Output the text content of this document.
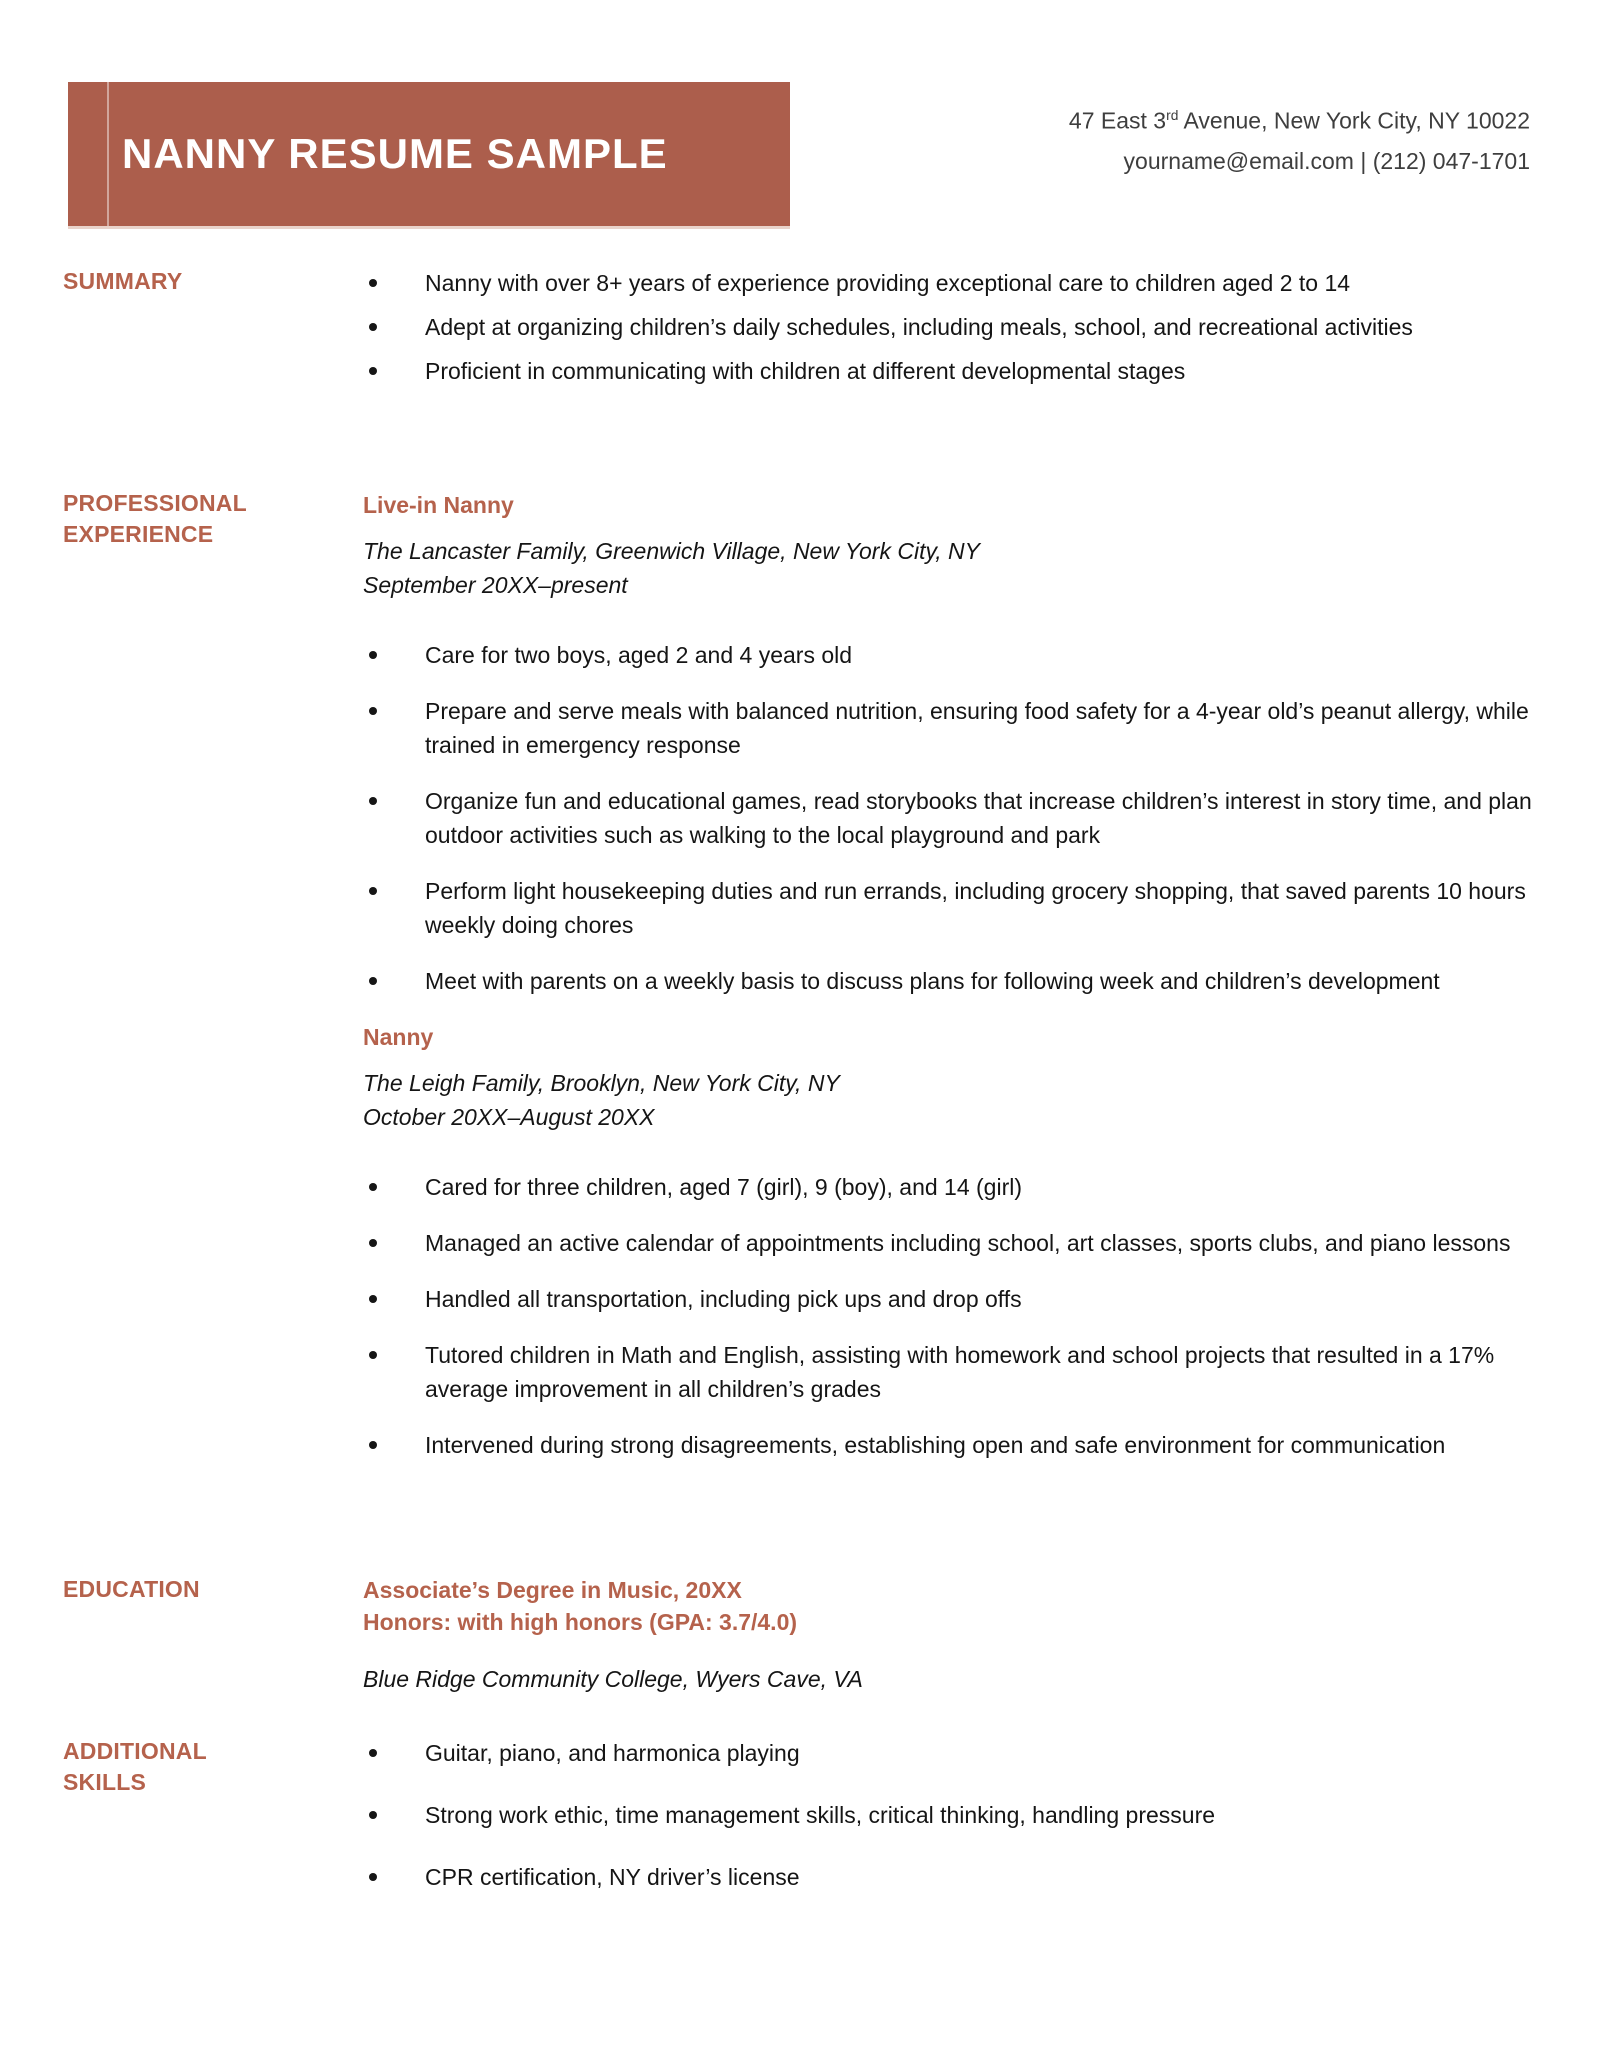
NANNY RESUME SAMPLE
47 East 3rd Avenue, New York City, NY 10022
yourname@email.com | (212) 047-1701
SUMMARY	Nanny with over 8+ years of experience providing exceptional care to children aged 2 to 14
Adept at organizing children’s daily schedules, including meals, school, and recreational activities
Proficient in communicating with children at different developmental stages
PROFESSIONAL EXPERIENCE
Live-in Nanny
The Lancaster Family, Greenwich Village, New York City, NY
September 20XX–present
Care for two boys, aged 2 and 4 years old
Prepare and serve meals with balanced nutrition, ensuring food safety for a 4-year old’s peanut allergy, while trained in emergency response
Organize fun and educational games, read storybooks that increase children’s interest in story time, and plan outdoor activities such as walking to the local playground and park
Perform light housekeeping duties and run errands, including grocery shopping, that saved parents 10 hours weekly doing chores
Meet with parents on a weekly basis to discuss plans for following week and children’s development
Nanny
The Leigh Family, Brooklyn, New York City, NY
October 20XX–August 20XX
Cared for three children, aged 7 (girl), 9 (boy), and 14 (girl)
Managed an active calendar of appointments including school, art classes, sports clubs, and piano lessons
Handled all transportation, including pick ups and drop offs
Tutored children in Math and English, assisting with homework and school projects that resulted in a 17% average improvement in all children’s grades
Intervened during strong disagreements, establishing open and safe environment for communication
EDUCATION	Associate’s Degree in Music, 20XX
Honors: with high honors (GPA: 3.7/4.0)
Blue Ridge Community College, Wyers Cave, VA
ADDITIONAL SKILLS
Guitar, piano, and harmonica playing
Strong work ethic, time management skills, critical thinking, handling pressure
CPR certification, NY driver’s license
